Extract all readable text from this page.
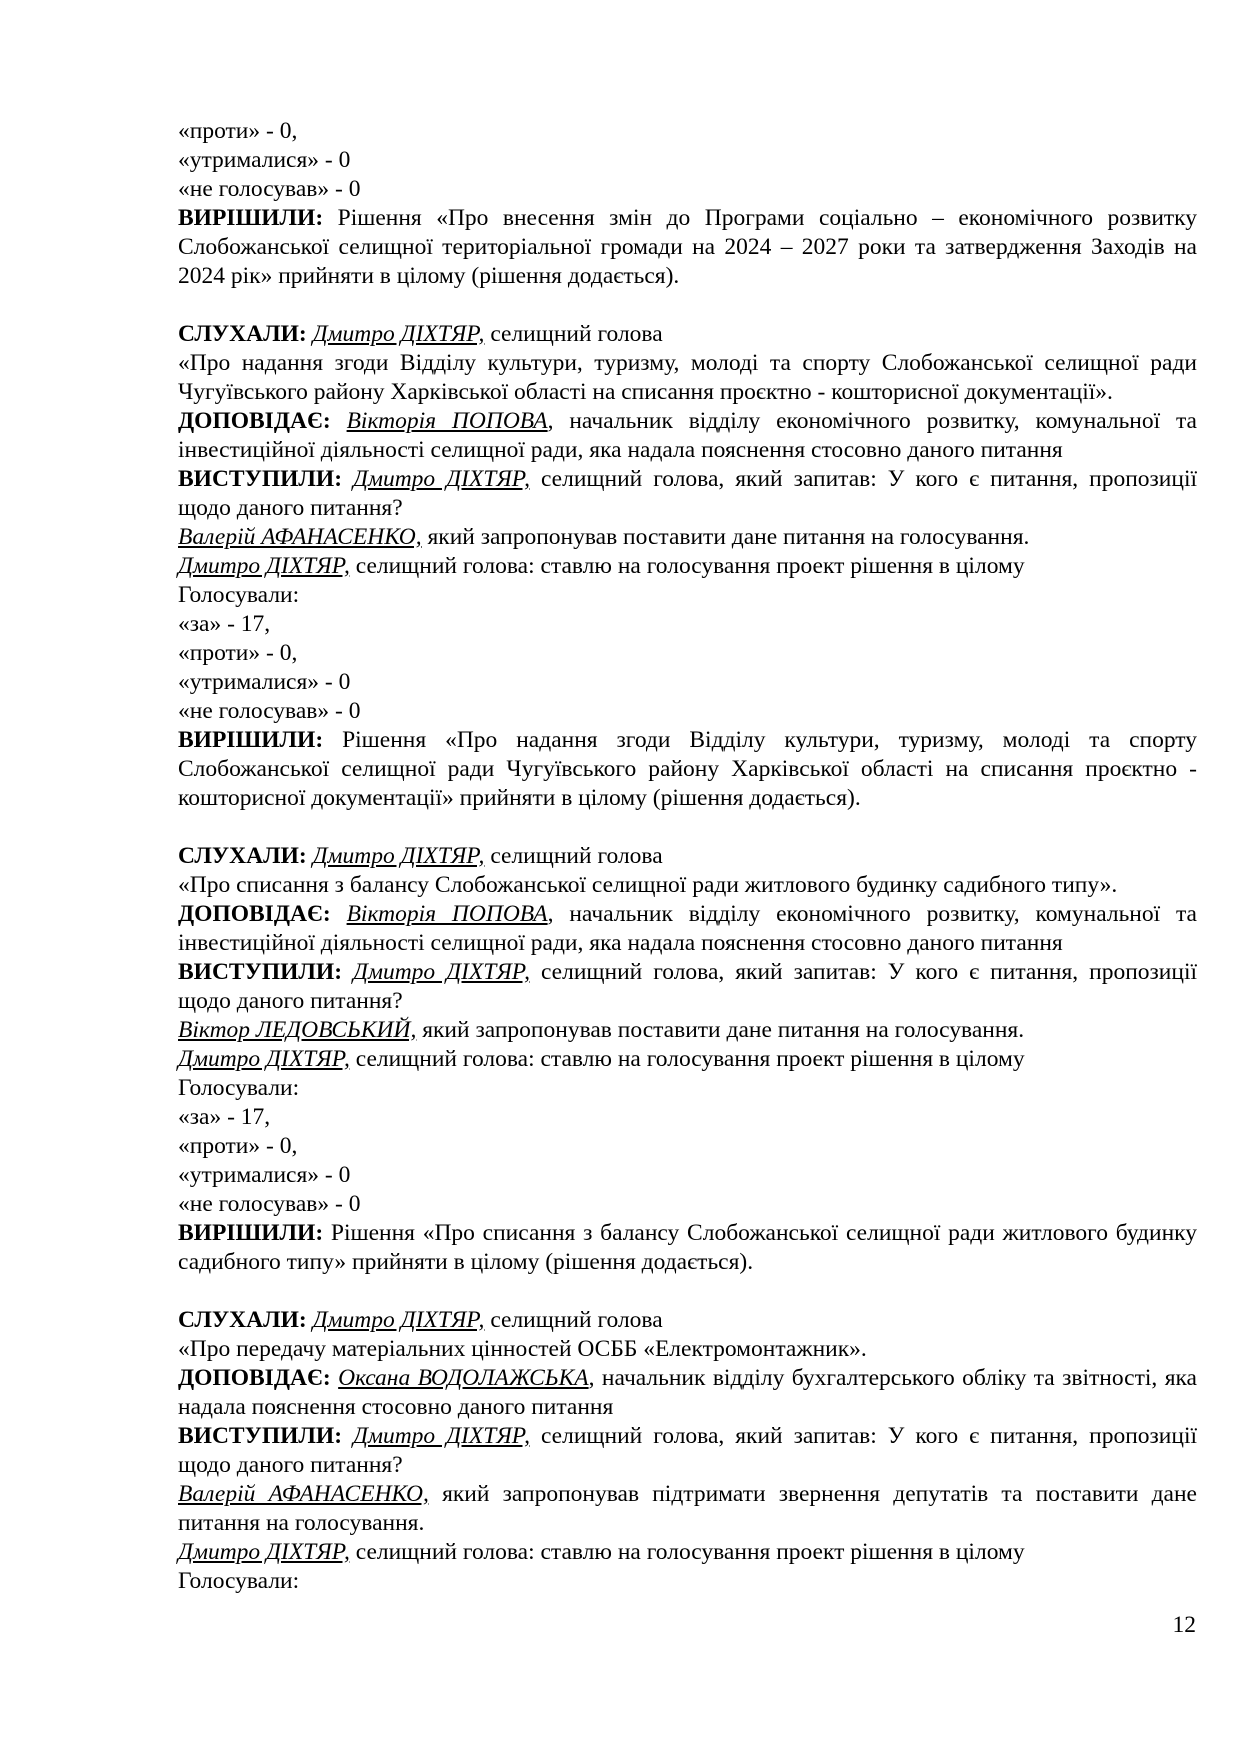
«проти» - 0,
«утрималися» - 0
«не голосував» - 0
ВИРІШИЛИ: Рішення «Про внесення змін до Програми соціально – економічного розвитку Слобожанської селищної територіальної громади на 2024 – 2027 роки та затвердження Заходів на 2024 рік» прийняти в цілому (рішення додається).
СЛУХАЛИ: Дмитро ДІХТЯР, селищний голова
«Про надання згоди Відділу культури, туризму, молоді та спорту Слобожанської селищної ради Чугуївського району Харківської області на списання проєктно - кошторисної документації».
ДОПОВІДАЄ: Вікторія ПОПОВА, начальник відділу економічного розвитку, комунальної та інвестиційної діяльності селищної ради, яка надала пояснення стосовно даного питання
ВИСТУПИЛИ: Дмитро ДІХТЯР, селищний голова, який запитав: У кого є питання, пропозиції щодо даного питання?
Валерій АФАНАСЕНКО, який запропонував поставити дане питання на голосування.
Дмитро ДІХТЯР, селищний голова: ставлю на голосування проект рішення в цілому
Голосували:
«за» - 17,
«проти» - 0,
«утрималися» - 0
«не голосував» - 0
ВИРІШИЛИ: Рішення «Про надання згоди Відділу культури, туризму, молоді та спорту Слобожанської селищної ради Чугуївського району Харківської області на списання проєктно - кошторисної документації» прийняти в цілому (рішення додається).
СЛУХАЛИ: Дмитро ДІХТЯР, селищний голова
«Про списання з балансу Слобожанської селищної ради житлового будинку садибного типу».
ДОПОВІДАЄ: Вікторія ПОПОВА, начальник відділу економічного розвитку, комунальної та інвестиційної діяльності селищної ради, яка надала пояснення стосовно даного питання
ВИСТУПИЛИ: Дмитро ДІХТЯР, селищний голова, який запитав: У кого є питання, пропозиції щодо даного питання?
Віктор ЛЕДОВСЬКИЙ, який запропонував поставити дане питання на голосування.
Дмитро ДІХТЯР, селищний голова: ставлю на голосування проект рішення в цілому
Голосували:
«за» - 17,
«проти» - 0,
«утрималися» - 0
«не голосував» - 0
ВИРІШИЛИ: Рішення «Про списання з балансу Слобожанської селищної ради житлового будинку садибного типу» прийняти в цілому (рішення додається).
СЛУХАЛИ: Дмитро ДІХТЯР, селищний голова
«Про передачу матеріальних цінностей ОСББ «Електромонтажник».
ДОПОВІДАЄ: Оксана ВОДОЛАЖСЬКА, начальник відділу бухгалтерського обліку та звітності, яка надала пояснення стосовно даного питання
ВИСТУПИЛИ: Дмитро ДІХТЯР, селищний голова, який запитав: У кого є питання, пропозиції щодо даного питання?
Валерій АФАНАСЕНКО, який запропонував підтримати звернення депутатів та поставити дане питання на голосування.
Дмитро ДІХТЯР, селищний голова: ставлю на голосування проект рішення в цілому
Голосували:
12
